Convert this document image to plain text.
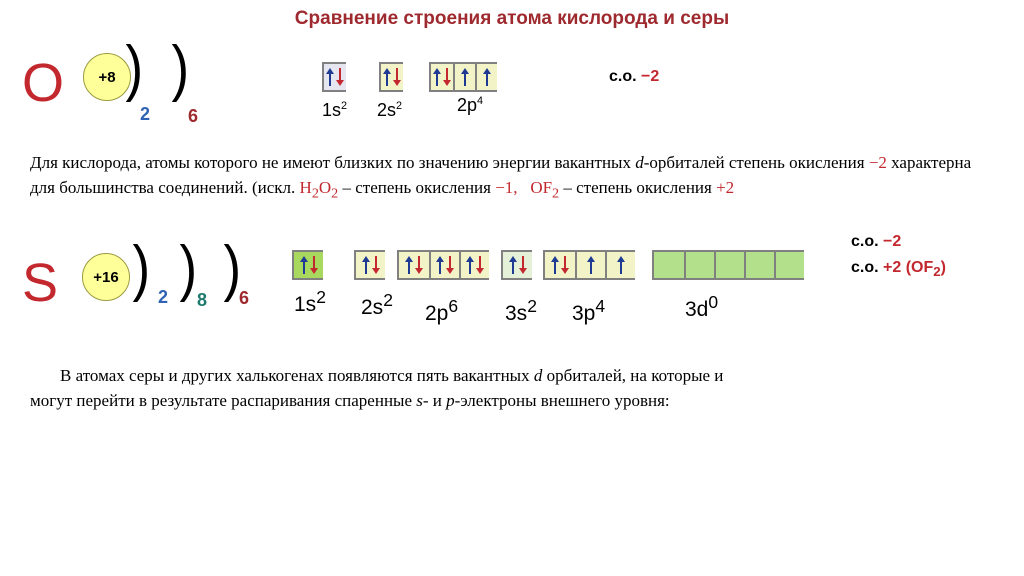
Сравнение строения атома кислорода и серы
O	+8 ) )
2 6	$1s^2$ $2s^2$	$2p^4$
с.о. −2
Для кислорода, атомы которого не имеют близких по значению энергии вакантных d-орбиталей степень окисления −2 характерна для большинства соединений. (искл. $H_2O_2$ – степень окисления −1, $OF_2$ – степень окисления +2
S	+16 ) ) )
2 8 6 $1s^2$ $2s^2$
$2p^6$ $3s^2$ $3p^4$	$3d^0$
с.о. −2
с.о. +2 $(OF_2)$
В атомах серы и других халькогенах появляются пять вакантных d орбиталей, на которые и
могут перейти в результате распаривания спаренные s- и p-электроны внешнего уровня:
